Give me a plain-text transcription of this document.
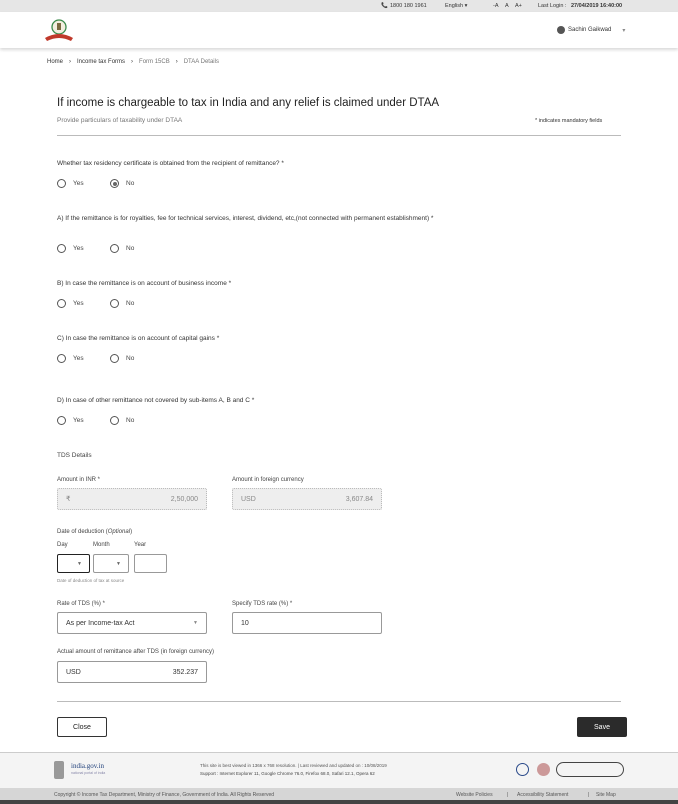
📞 1800 180 1961	English ▾	-A A A+	Last Login : 27/04/2019 16:40:00
Sachin Gaikwad ▾
Home › Income tax Forms › Form 15CB › DTAA Details
If income is chargeable to tax in India and any relief is claimed under DTAA
Provide particulars of taxability under DTAA	* indicates mandatory fields
Whether tax residency certificate is obtained from the recipient of remittance? *
Yes	No
A) If the remittance is for royalties, fee for technical services, interest, dividend, etc,(not connected with permanent establishment) *
Yes	No
B) In case the remittance is on account of business income *
Yes	No
C) In case the remittance is on account of capital gains *
Yes	No
D) In case of other remittance not covered by sub-items A, B and C *
Yes	No
TDS Details
Amount in INR *
₹	2,50,000
Amount in foreign currency
USD	3,607.84
Date of deduction (Optional)
Day	Month	Year
▼	▼
Date of deduction of tax at source
Rate of TDS (%) *
As per Income-tax Act	▼
Specify TDS rate (%) *
10
Actual amount of remittance after TDS (in foreign currency)
USD	352.237
Close	Save
india.gov.in
national portal of india
This site is best viewed in 1366 x 768 resolution. | Last reviewed and updated on : 10/08/2019
Support : Internet Explorer 11, Google Chrome 76.0, Firefox 68.0, Safari 12.1, Opera 62
Copyright © Income Tax Department, Ministry of Finance, Government of India. All Rights Reserved	Website Policies	| Accessibility Statement	| Site Map
